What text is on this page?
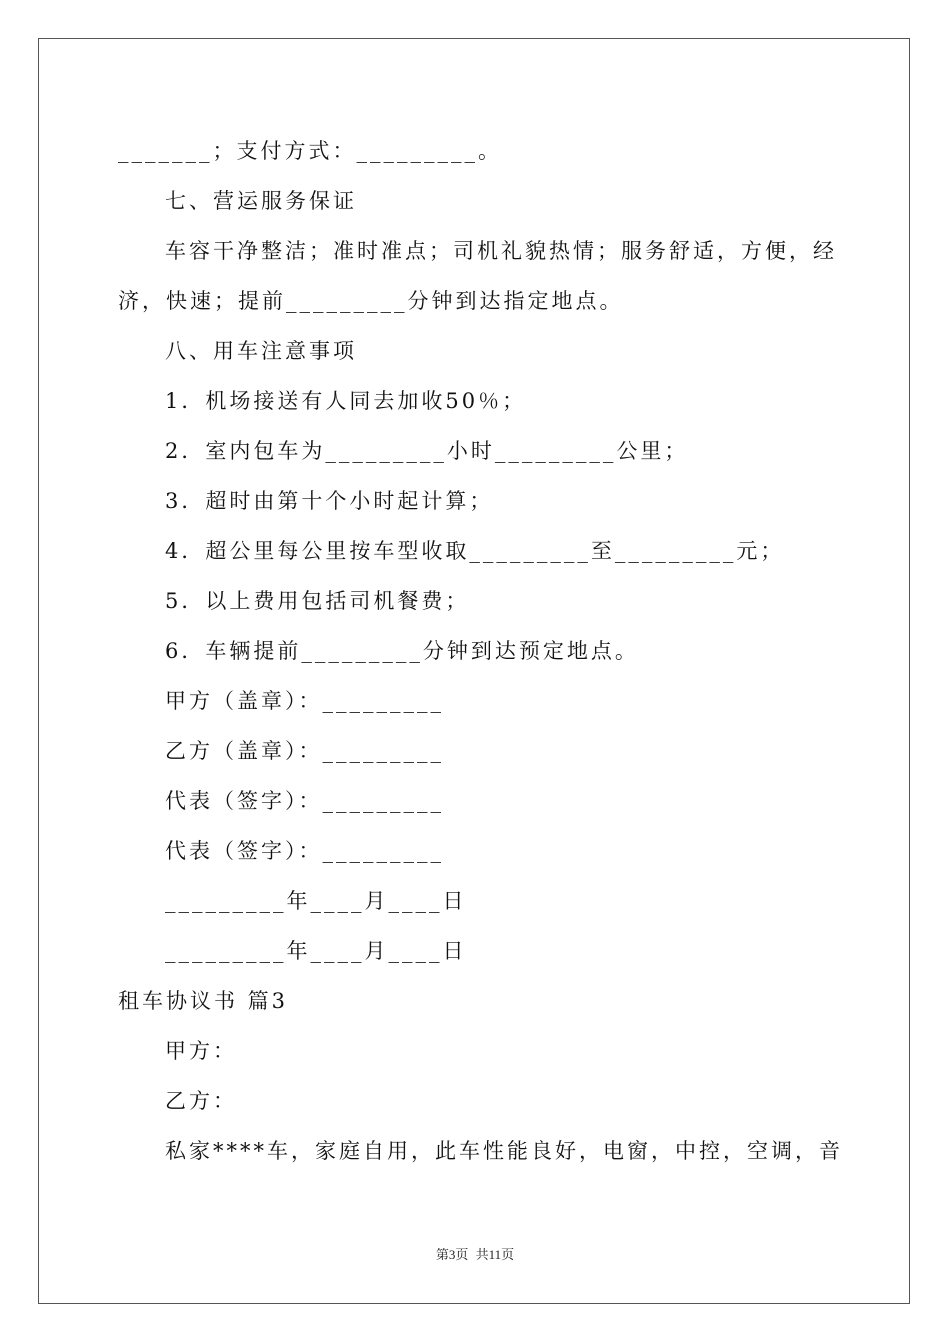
_______；支付方式：_________。
七、营运服务保证
车容干净整洁；准时准点；司机礼貌热情；服务舒适，方便，经
济，快速；提前_________分钟到达指定地点。
八、用车注意事项
1．机场接送有人同去加收50％；
2．室内包车为_________小时_________公里；
3．超时由第十个小时起计算；
4．超公里每公里按车型收取_________至_________元；
5．以上费用包括司机餐费；
6．车辆提前_________分钟到达预定地点。
甲方（盖章）：_________
乙方（盖章）：_________
代表（签字）：_________
代表（签字）：_________
_________年____月____日
_________年____月____日
租车协议书 篇3
甲方：
乙方：
私家****车，家庭自用，此车性能良好，电窗，中控，空调，音
第3页 共11页
